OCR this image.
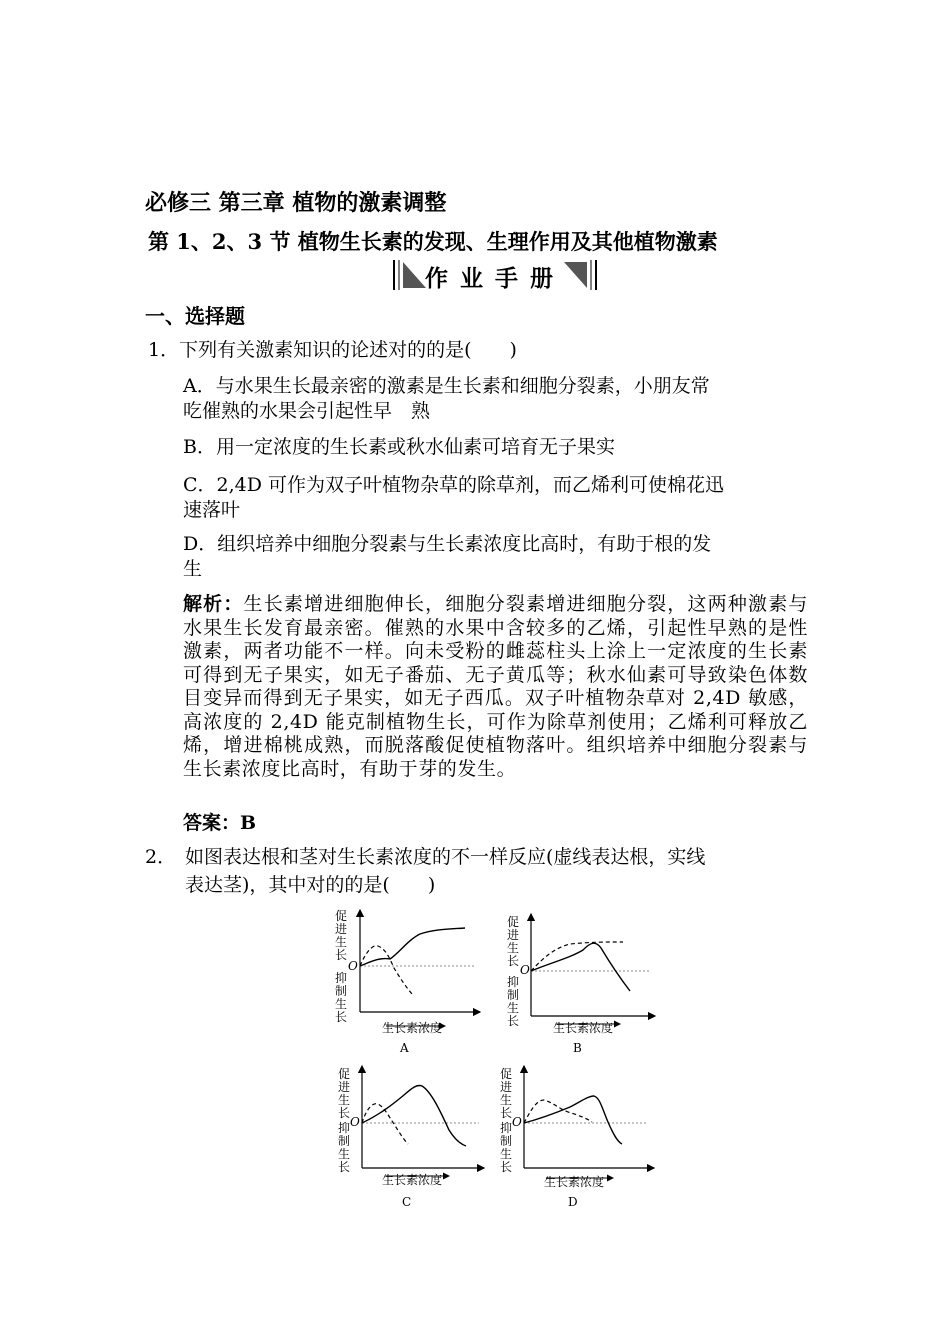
必修三 第三章 植物的激素调整
第 1、2、3 节 植物生长素的发现、生理作用及其他植物激素
作业手册
一、选择题
1．下列有关激素知识的论述对的的是(　　)
A．与水果生长最亲密的激素是生长素和细胞分裂素，小朋友常
吃催熟的水果会引起性早　熟
B．用一定浓度的生长素或秋水仙素可培育无子果实
C．2,4D 可作为双子叶植物杂草的除草剂，而乙烯利可使棉花迅
速落叶
D．组织培养中细胞分裂素与生长素浓度比高时，有助于根的发
生
解析：生长素增进细胞伸长，细胞分裂素增进细胞分裂，这两种激素与水果生长发育最亲密。催熟的水果中含较多的乙烯，引起性早熟的是性激素，两者功能不一样。向未受粉的雌蕊柱头上涂上一定浓度的生长素可得到无子果实，如无子番茄、无子黄瓜等；秋水仙素可导致染色体数目变异而得到无子果实，如无子西瓜。双子叶植物杂草对 2,4D 敏感，高浓度的 2,4D 能克制植物生长，可作为除草剂使用；乙烯利可释放乙烯，增进棉桃成熟，而脱落酸促使植物落叶。组织培养中细胞分裂素与生长素浓度比高时，有助于芽的发生。
答案：B
2． 如图表达根和茎对生长素浓度的不一样反应(虚线表达根，实线
表达茎)，其中对的的是(　　)
促进生长
抑制生长
O
生长素浓度
A
促进生长
抑制生长
O
生长素浓度
B
促进生长
抑制生长
O
生长素浓度
C
促进生长
抑制生长
O
生长素浓度
D
